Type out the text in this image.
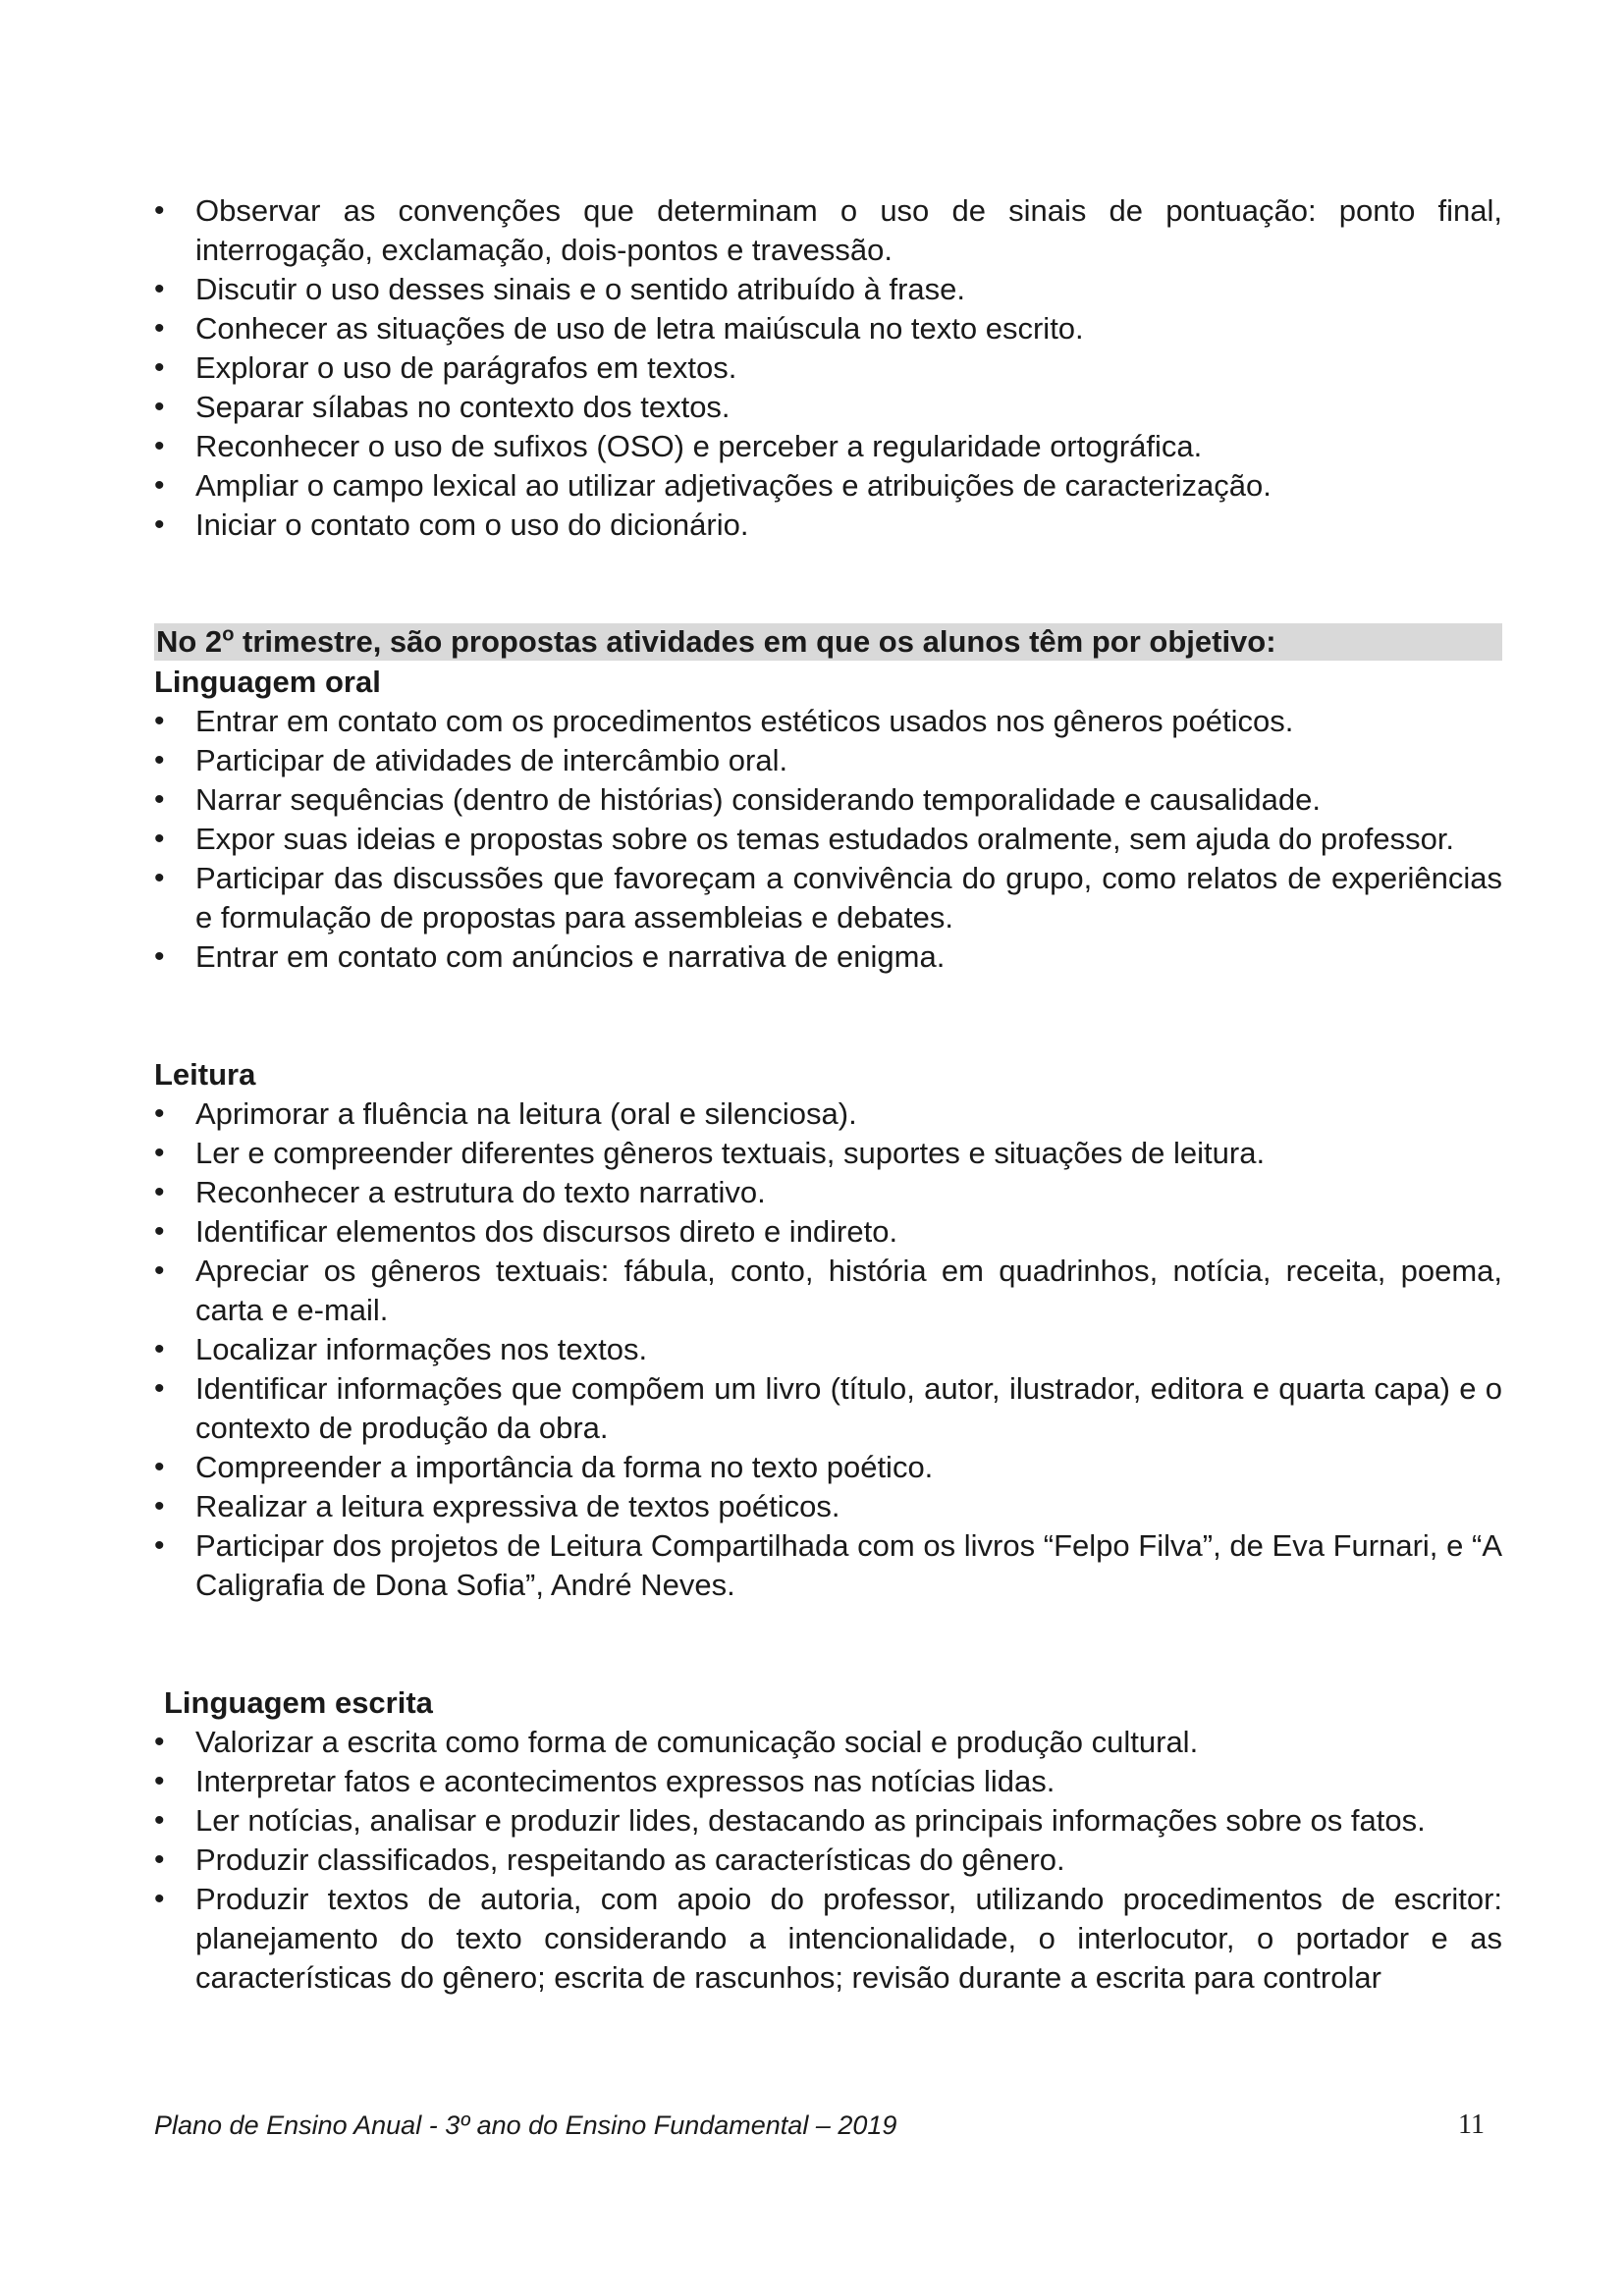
• Observar as convenções que determinam o uso de sinais de pontuação: ponto final, interrogação, exclamação, dois-pontos e travessão.
• Discutir o uso desses sinais e o sentido atribuído à frase.
• Conhecer as situações de uso de letra maiúscula no texto escrito.
• Explorar o uso de parágrafos em textos.
• Separar sílabas no contexto dos textos.
• Reconhecer o uso de sufixos (OSO) e perceber a regularidade ortográfica.
• Ampliar o campo lexical ao utilizar adjetivações e atribuições de caracterização.
• Iniciar o contato com o uso do dicionário.
No 2$^o$ trimestre, são propostas atividades em que os alunos têm por objetivo:
Linguagem oral
• Entrar em contato com os procedimentos estéticos usados nos gêneros poéticos.
• Participar de atividades de intercâmbio oral.
• Narrar sequências (dentro de histórias) considerando temporalidade e causalidade.
• Expor suas ideias e propostas sobre os temas estudados oralmente, sem ajuda do professor.
• Participar das discussões que favoreçam a convivência do grupo, como relatos de experiências e formulação de propostas para assembleias e debates.
• Entrar em contato com anúncios e narrativa de enigma.
Leitura
• Aprimorar a fluência na leitura (oral e silenciosa).
• Ler e compreender diferentes gêneros textuais, suportes e situações de leitura.
• Reconhecer a estrutura do texto narrativo.
• Identificar elementos dos discursos direto e indireto.
• Apreciar os gêneros textuais: fábula, conto, história em quadrinhos, notícia, receita, poema, carta e e-mail.
• Localizar informações nos textos.
• Identificar informações que compõem um livro (título, autor, ilustrador, editora e quarta capa) e o contexto de produção da obra.
• Compreender a importância da forma no texto poético.
• Realizar a leitura expressiva de textos poéticos.
• Participar dos projetos de Leitura Compartilhada com os livros “Felpo Filva”, de Eva Furnari, e “A Caligrafia de Dona Sofia”, André Neves.
Linguagem escrita
• Valorizar a escrita como forma de comunicação social e produção cultural.
• Interpretar fatos e acontecimentos expressos nas notícias lidas.
• Ler notícias, analisar e produzir lides, destacando as principais informações sobre os fatos.
• Produzir classificados, respeitando as características do gênero.
• Produzir textos de autoria, com apoio do professor, utilizando procedimentos de escritor: planejamento do texto considerando a intencionalidade, o interlocutor, o portador e as características do gênero; escrita de rascunhos; revisão durante a escrita para controlar
Plano de Ensino Anual - 3º ano do Ensino Fundamental – 2019	11
